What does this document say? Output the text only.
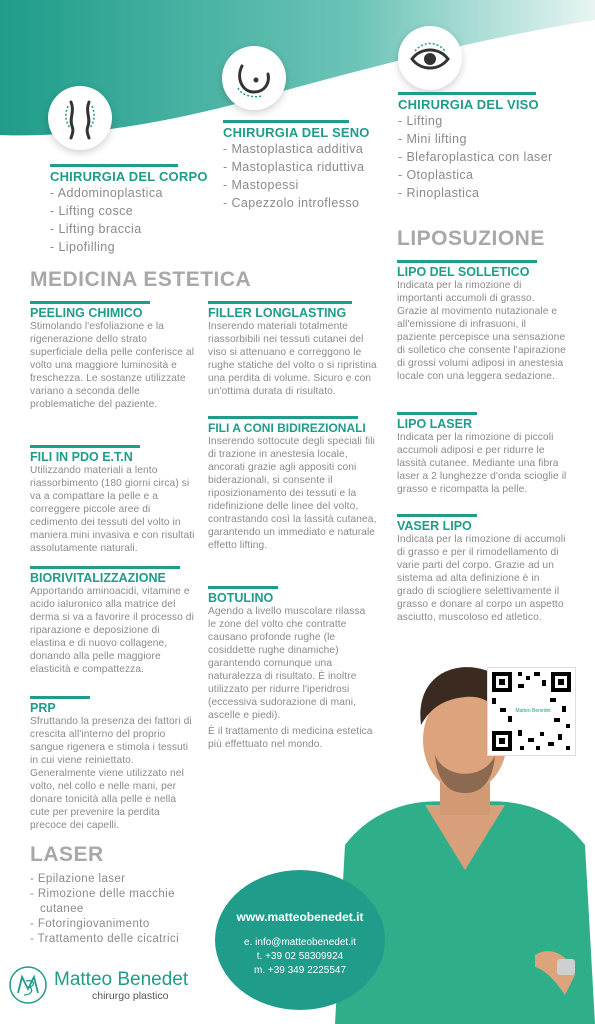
CHIRURGIA DEL CORPO
- Addominoplastica
- Lifting cosce
- Lifting braccia
- Lipofilling
CHIRURGIA DEL SENO
- Mastoplastica additiva
- Mastoplastica riduttiva
- Mastopessi
- Capezzolo introflesso
CHIRURGIA DEL VISO
- Lifting
- Mini lifting
- Blefaroplastica con laser
- Otoplastica
- Rinoplastica
MEDICINA ESTETICA
PEELING CHIMICO

Stimolando l'esfoliazione e la rigenerazione dello strato superficiale della pelle conferisce al volto una maggiore luminosità e freschezza. Le sostanze utilizzate variano a seconda delle problematiche del paziente.

FILI IN PDO E.T.N

Utilizzando materiali a lento riassorbimento (180 giorni circa) si va a compattare la pelle e a correggere piccole aree di cedimento dei tessuti del volto in maniera mini invasiva e con risultati assolutamente naturali.

BIORIVITALIZZAZIONE

Apportando aminoacidi, vitamine e acido ialuronico alla matrice del derma si va a favorire il processo di riparazione e deposizione di elastina e di nuovo collagene, donando alla pelle maggiore elasticità e compattezza.

PRP

Sfruttando la presenza dei fattori di crescita all'interno del proprio sangue rigenera e stimola i tessuti in cui viene reiniettato. Generalmente viene utilizzato nel volto, nel collo e nelle mani, per donare tonicità alla pelle e nella cute per prevenire la perdita precoce dei capelli.

FILLER LONGLASTING

Inserendo materiali totalmente riassorbibili nei tessuti cutanei del viso si attenuano e correggono le rughe statiche del volto o si ripristina una perdita di volume. Sicuro e con un'ottima durata di risultato.

FILI A CONI BIDIREZIONALI

Inserendo sottocute degli speciali fili di trazione in anestesia locale, ancorati grazie agli appositi coni biderazionali, si consente il riposizionamento dei tessuti e la ridefinizione delle linee del volto, contrastando così la lassità cutanea, garantendo un immediato e naturale effetto lifting.

BOTULINO

Agendo a livello muscolare rilassa le zone del volto che contratte causano profonde rughe (le cosiddette rughe dinamiche) garantendo comunque una naturalezza di risultato. È inoltre utilizzato per ridurre l'iperidrosi (eccessiva sudorazione di mani, ascelle e piedi).

È il trattamento di medicina estetica più effettuato nel mondo.

LIPOSUZIONE
LIPO DEL SOLLETICO

Indicata per la rimozione di importanti accumoli di grasso. Grazie al movimento nutazionale e all'emissione di infrasuoni, il paziente percepisce una sensazione di solletico che consente l'apirazione di grossi volumi adiposi in anestesia locale con una leggera sedazione.

LIPO LASER

Indicata per la rimozione di piccoli accumoli adiposi e per ridurre le lassità cutanee. Mediante una fibra laser a 2 lunghezze d'onda scioglie il grasso e ricompatta la pelle.

VASER LIPO

Indicata per la rimozione di accumoli di grasso e per il rimodellamento di varie parti del corpo. Grazie ad un sistema ad alta definizione è in grado di sciogliere selettivamente il grasso e donare al corpo un aspetto asciutto, muscoloso ed atletico.

LASER
- Epilazione laser
- Rimozione delle macchie cutanee
- Fotoringiovanimento
- Trattamento delle cicatrici
Matteo Benedet
www.matteobenedet.it
e. info@matteobenedet.it
t. +39 02 58309924
m. +39 349 2225547
Matteo Benedet
chirurgo plastico
